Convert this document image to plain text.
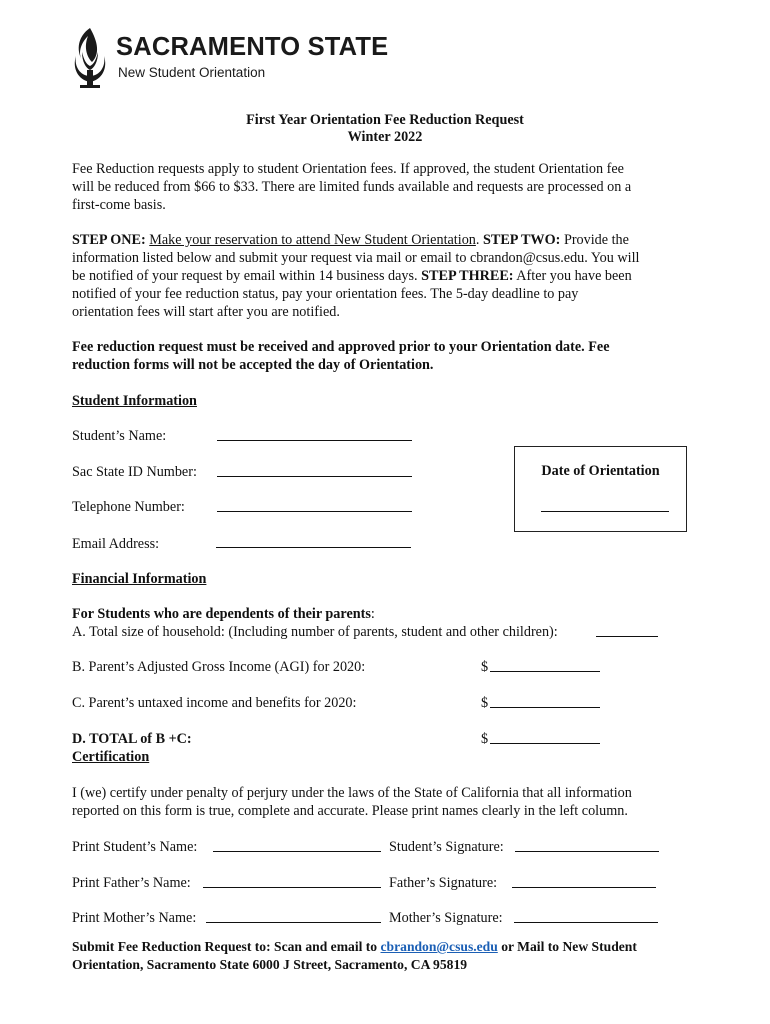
SACRAMENTO STATE
New Student Orientation
First Year Orientation Fee Reduction Request
Winter 2022
Fee Reduction requests apply to student Orientation fees. If approved, the student Orientation fee
will be reduced from $66 to $33. There are limited funds available and requests are processed on a
first-come basis.
STEP ONE: Make your reservation to attend New Student Orientation. STEP TWO: Provide the
information listed below and submit your request via mail or email to cbrandon@csus.edu. You will
be notified of your request by email within 14 business days. STEP THREE: After you have been
notified of your fee reduction status, pay your orientation fees. The 5-day deadline to pay
orientation fees will start after you are notified.
Fee reduction request must be received and approved prior to your Orientation date. Fee
reduction forms will not be accepted the day of Orientation.
Student Information
Student’s Name:
Sac State ID Number:
Telephone Number:
Email Address:
Date of Orientation
Financial Information
For Students who are dependents of their parents:
A. Total size of household: (Including number of parents, student and other children):
B. Parent’s Adjusted Gross Income (AGI) for 2020:	$
C. Parent’s untaxed income and benefits for 2020:	$
D. TOTAL of B +C:	$
Certification
I (we) certify under penalty of perjury under the laws of the State of California that all information
reported on this form is true, complete and accurate. Please print names clearly in the left column.
Print Student’s Name:	Student’s Signature:
Print Father’s Name:	Father’s Signature:
Print Mother’s Name:	Mother’s Signature:
Submit Fee Reduction Request to: Scan and email to cbrandon@csus.edu or Mail to New Student
Orientation, Sacramento State 6000 J Street, Sacramento, CA 95819
